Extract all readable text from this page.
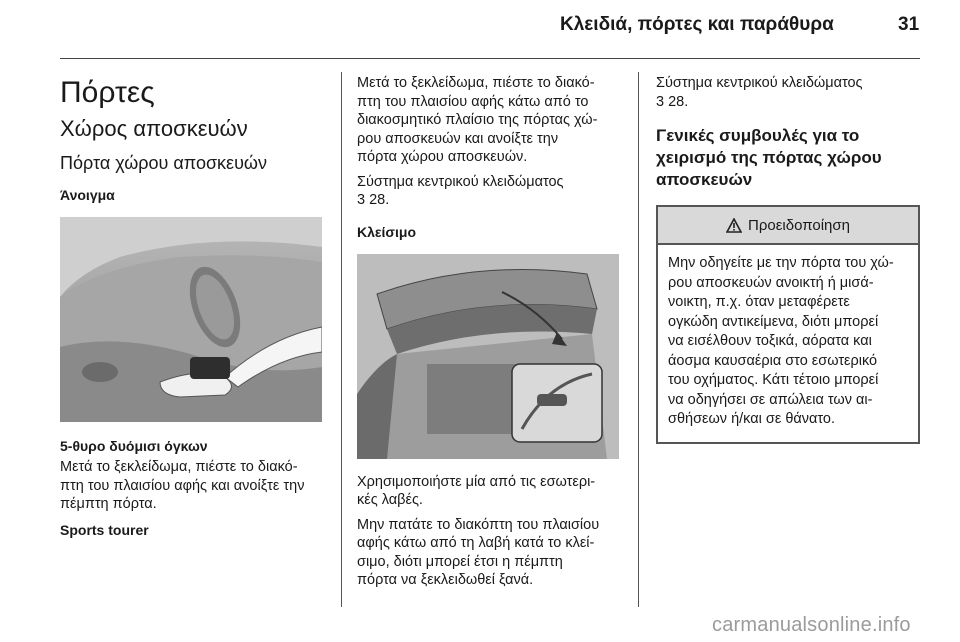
Κλειδιά, πόρτες και παράθυρα	31
Πόρτες
Χώρος αποσκευών
Πόρτα χώρου αποσκευών
Άνοιγμα
5-θυρο δυόμισι όγκων

Μετά το ξεκλείδωμα, πιέστε το διακό-

πτη του πλαισίου αφής και ανοίξτε την

πέμπτη πόρτα.

Sports tourer

Μετά το ξεκλείδωμα, πιέστε το διακό-

πτη του πλαισίου αφής κάτω από το

διακοσμητικό πλαίσιο της πόρτας χώ-

ρου αποσκευών και ανοίξτε την

πόρτα χώρου αποσκευών.

Σύστημα κεντρικού κλειδώματος

3 28.

Κλείσιμο

Χρησιμοποιήστε μία από τις εσωτερι-

κές λαβές.

Μην πατάτε το διακόπτη του πλαισίου

αφής κάτω από τη λαβή κατά το κλεί-

σιμο, διότι μπορεί έτσι η πέμπτη

πόρτα να ξεκλειδωθεί ξανά.

Σύστημα κεντρικού κλειδώματος

3 28.

Γενικές συμβουλές για το
χειρισμό της πόρτας χώρου
αποσκευών
Προειδοποίηση

Μην οδηγείτε με την πόρτα του χώ-

ρου αποσκευών ανοικτή ή μισά-

νοικτη, π.χ. όταν μεταφέρετε

ογκώδη αντικείμενα, διότι μπορεί

να εισέλθουν τοξικά, αόρατα και

άοσμα καυσαέρια στο εσωτερικό

του οχήματος. Κάτι τέτοιο μπορεί

να οδηγήσει σε απώλεια των αι-

σθήσεων ή/και σε θάνατο.

carmanualsonline.info
